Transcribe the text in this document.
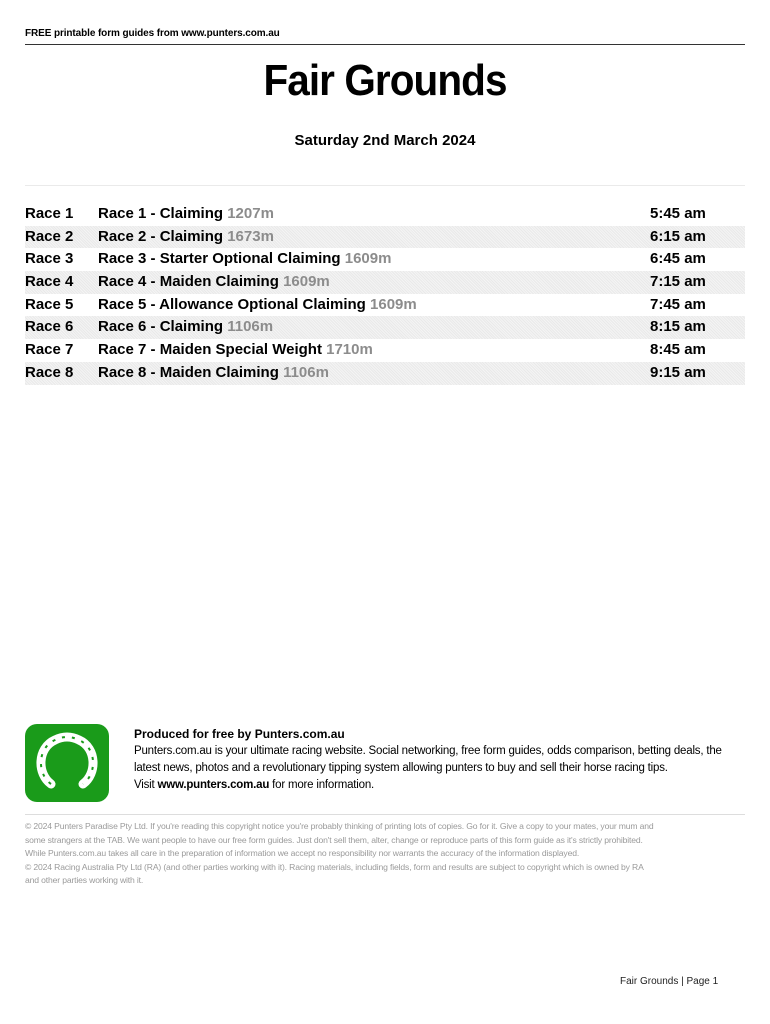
FREE printable form guides from www.punters.com.au
Fair Grounds
Saturday 2nd March 2024
Race 1 Race 1 - Claiming 1207m	5:45 am
Race 2 Race 2 - Claiming 1673m	6:15 am
Race 3 Race 3 - Starter Optional Claiming 1609m	6:45 am
Race 4 Race 4 - Maiden Claiming 1609m	7:15 am
Race 5 Race 5 - Allowance Optional Claiming 1609m	7:45 am
Race 6 Race 6 - Claiming 1106m	8:15 am
Race 7 Race 7 - Maiden Special Weight 1710m	8:45 am
Race 8 Race 8 - Maiden Claiming 1106m	9:15 am
Produced for free by Punters.com.au
Punters.com.au is your ultimate racing website. Social networking, free form guides, odds comparison, betting deals, the
latest news, photos and a revolutionary tipping system allowing punters to buy and sell their horse racing tips.
Visit www.punters.com.au for more information.
© 2024 Punters Paradise Pty Ltd. If you're reading this copyright notice you're probably thinking of printing lots of copies. Go for it. Give a copy to your mates, your mum and
some strangers at the TAB. We want people to have our free form guides. Just don't sell them, alter, change or reproduce parts of this form guide as it's strictly prohibited.
While Punters.com.au takes all care in the preparation of information we accept no responsibility nor warrants the accuracy of the information displayed.
© 2024 Racing Australia Pty Ltd (RA) (and other parties working with it). Racing materials, including fields, form and results are subject to copyright which is owned by RA
and other parties working with it.
Fair Grounds | Page 1
